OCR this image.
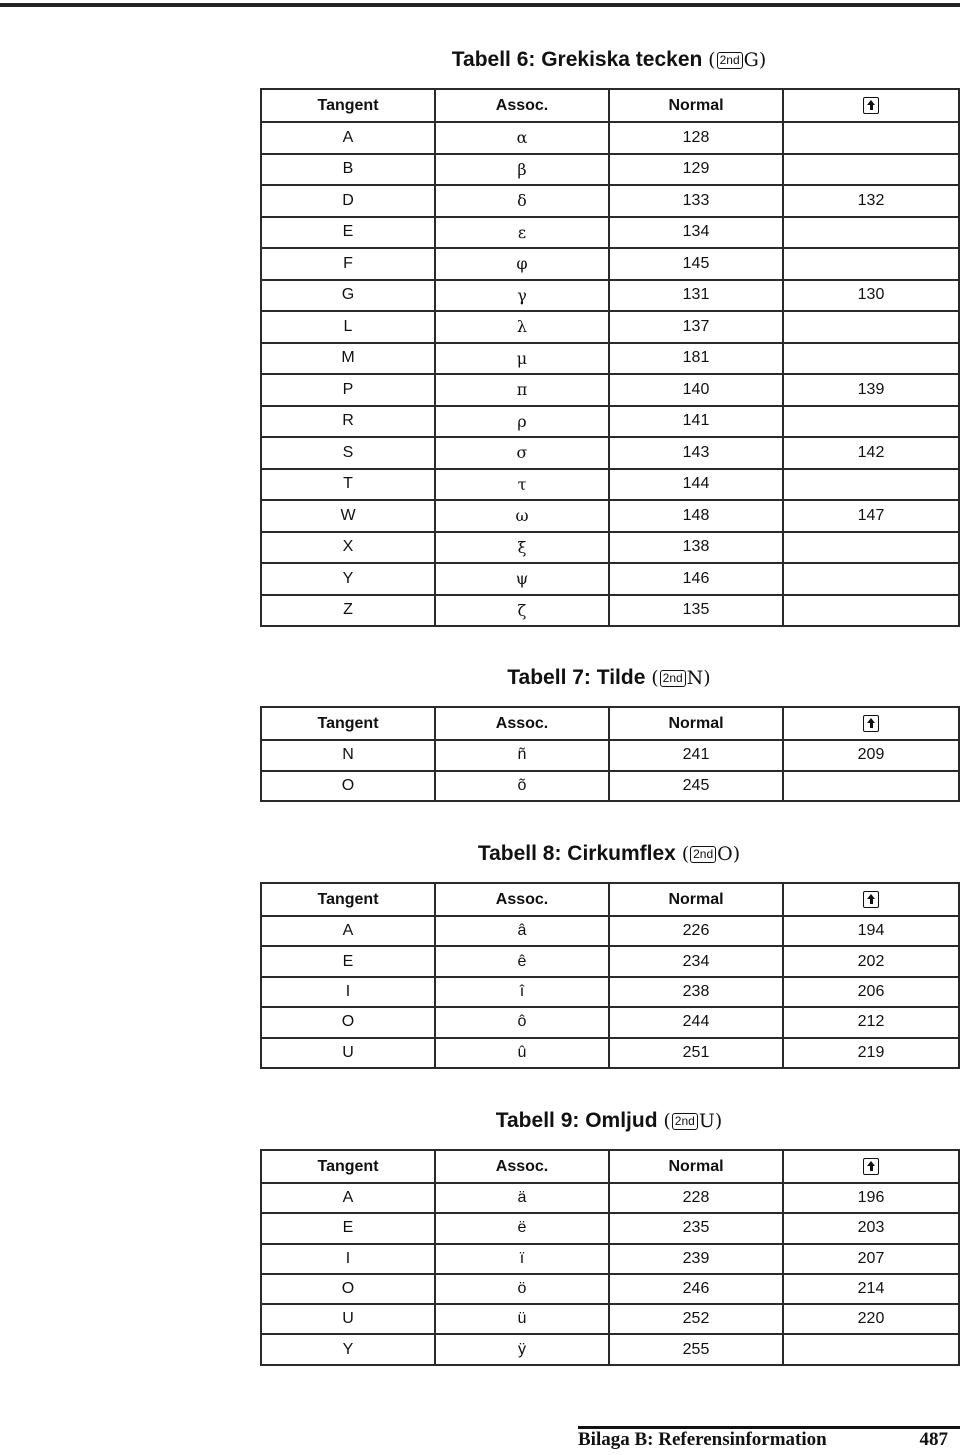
Tabell 6: Grekiska tecken ( 2nd G)
Tangent	Assoc.	Normal	
A	α	128	
B	β	129	
D	δ	133	132
E	ε	134	
F	φ	145	
G	γ	131	130
L	λ	137	
M	μ	181	
P	π	140	139
R	ρ	141	
S	σ	143	142
T	τ	144	
W	ω	148	147
X	ξ	138	
Y	ψ	146	
Z	ζ	135	
Tabell 7: Tilde ( 2nd N)
Tangent	Assoc.	Normal	
N	ñ	241	209
O	õ	245	
Tabell 8: Cirkumflex ( 2nd O)
Tangent	Assoc.	Normal	
A	â	226	194
E	ê	234	202
I	î	238	206
O	ô	244	212
U	û	251	219
Tabell 9: Omljud ( 2nd U)
Tangent	Assoc.	Normal	
A	ä	228	196
E	ë	235	203
I	ï	239	207
O	ö	246	214
U	ü	252	220
Y	ÿ	255	
Bilaga B: Referensinformation	487
